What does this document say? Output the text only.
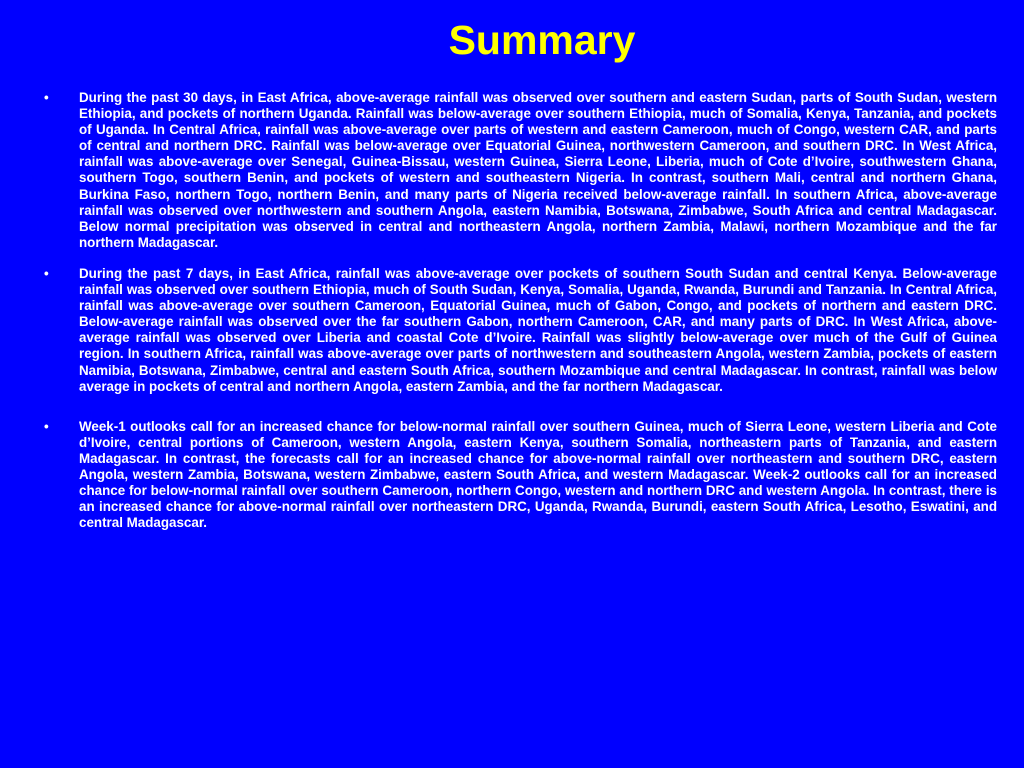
Summary
• During the past 30 days, in East Africa, above-average rainfall was observed over southern and eastern Sudan, parts of South Sudan, western Ethiopia, and pockets of northern Uganda. Rainfall was below-average over southern Ethiopia, much of Somalia, Kenya, Tanzania, and pockets of Uganda. In Central Africa, rainfall was above-average over parts of western and eastern Cameroon, much of Congo, western CAR, and parts of central and northern DRC. Rainfall was below-average over Equatorial Guinea, northwestern Cameroon, and southern DRC. In West Africa, rainfall was above-average over Senegal, Guinea-Bissau, western Guinea, Sierra Leone, Liberia, much of Cote d’Ivoire, southwestern Ghana, southern Togo, southern Benin, and pockets of western and southeastern Nigeria. In contrast, southern Mali, central and northern Ghana, Burkina Faso, northern Togo, northern Benin, and many parts of Nigeria received below-average rainfall. In southern Africa, above-average rainfall was observed over northwestern and southern Angola, eastern Namibia, Botswana, Zimbabwe, South Africa and central Madagascar. Below normal precipitation was observed in central and northeastern Angola, northern Zambia, Malawi, northern Mozambique and the far northern Madagascar.
• During the past 7 days, in East Africa, rainfall was above-average over pockets of southern South Sudan and central Kenya. Below-average rainfall was observed over southern Ethiopia, much of South Sudan, Kenya, Somalia, Uganda, Rwanda, Burundi and Tanzania. In Central Africa, rainfall was above-average over southern Cameroon, Equatorial Guinea, much of Gabon, Congo, and pockets of northern and eastern DRC. Below-average rainfall was observed over the far southern Gabon, northern Cameroon, CAR, and many parts of DRC. In West Africa, above-average rainfall was observed over Liberia and coastal Cote d’Ivoire. Rainfall was slightly below-average over much of the Gulf of Guinea region. In southern Africa, rainfall was above-average over parts of northwestern and southeastern Angola, western Zambia, pockets of eastern Namibia, Botswana, Zimbabwe, central and eastern South Africa, southern Mozambique and central Madagascar. In contrast, rainfall was below average in pockets of central and northern Angola, eastern Zambia, and the far northern Madagascar.
• Week-1 outlooks call for an increased chance for below-normal rainfall over southern Guinea, much of Sierra Leone, western Liberia and Cote d’Ivoire, central portions of Cameroon, western Angola, eastern Kenya, southern Somalia, northeastern parts of Tanzania, and eastern Madagascar. In contrast, the forecasts call for an increased chance for above-normal rainfall over northeastern and southern DRC, eastern Angola, western Zambia, Botswana, western Zimbabwe, eastern South Africa, and western Madagascar. Week-2 outlooks call for an increased chance for below-normal rainfall over southern Cameroon, northern Congo, western and northern DRC and western Angola. In contrast, there is an increased chance for above-normal rainfall over northeastern DRC, Uganda, Rwanda, Burundi, eastern South Africa, Lesotho, Eswatini, and central Madagascar.
